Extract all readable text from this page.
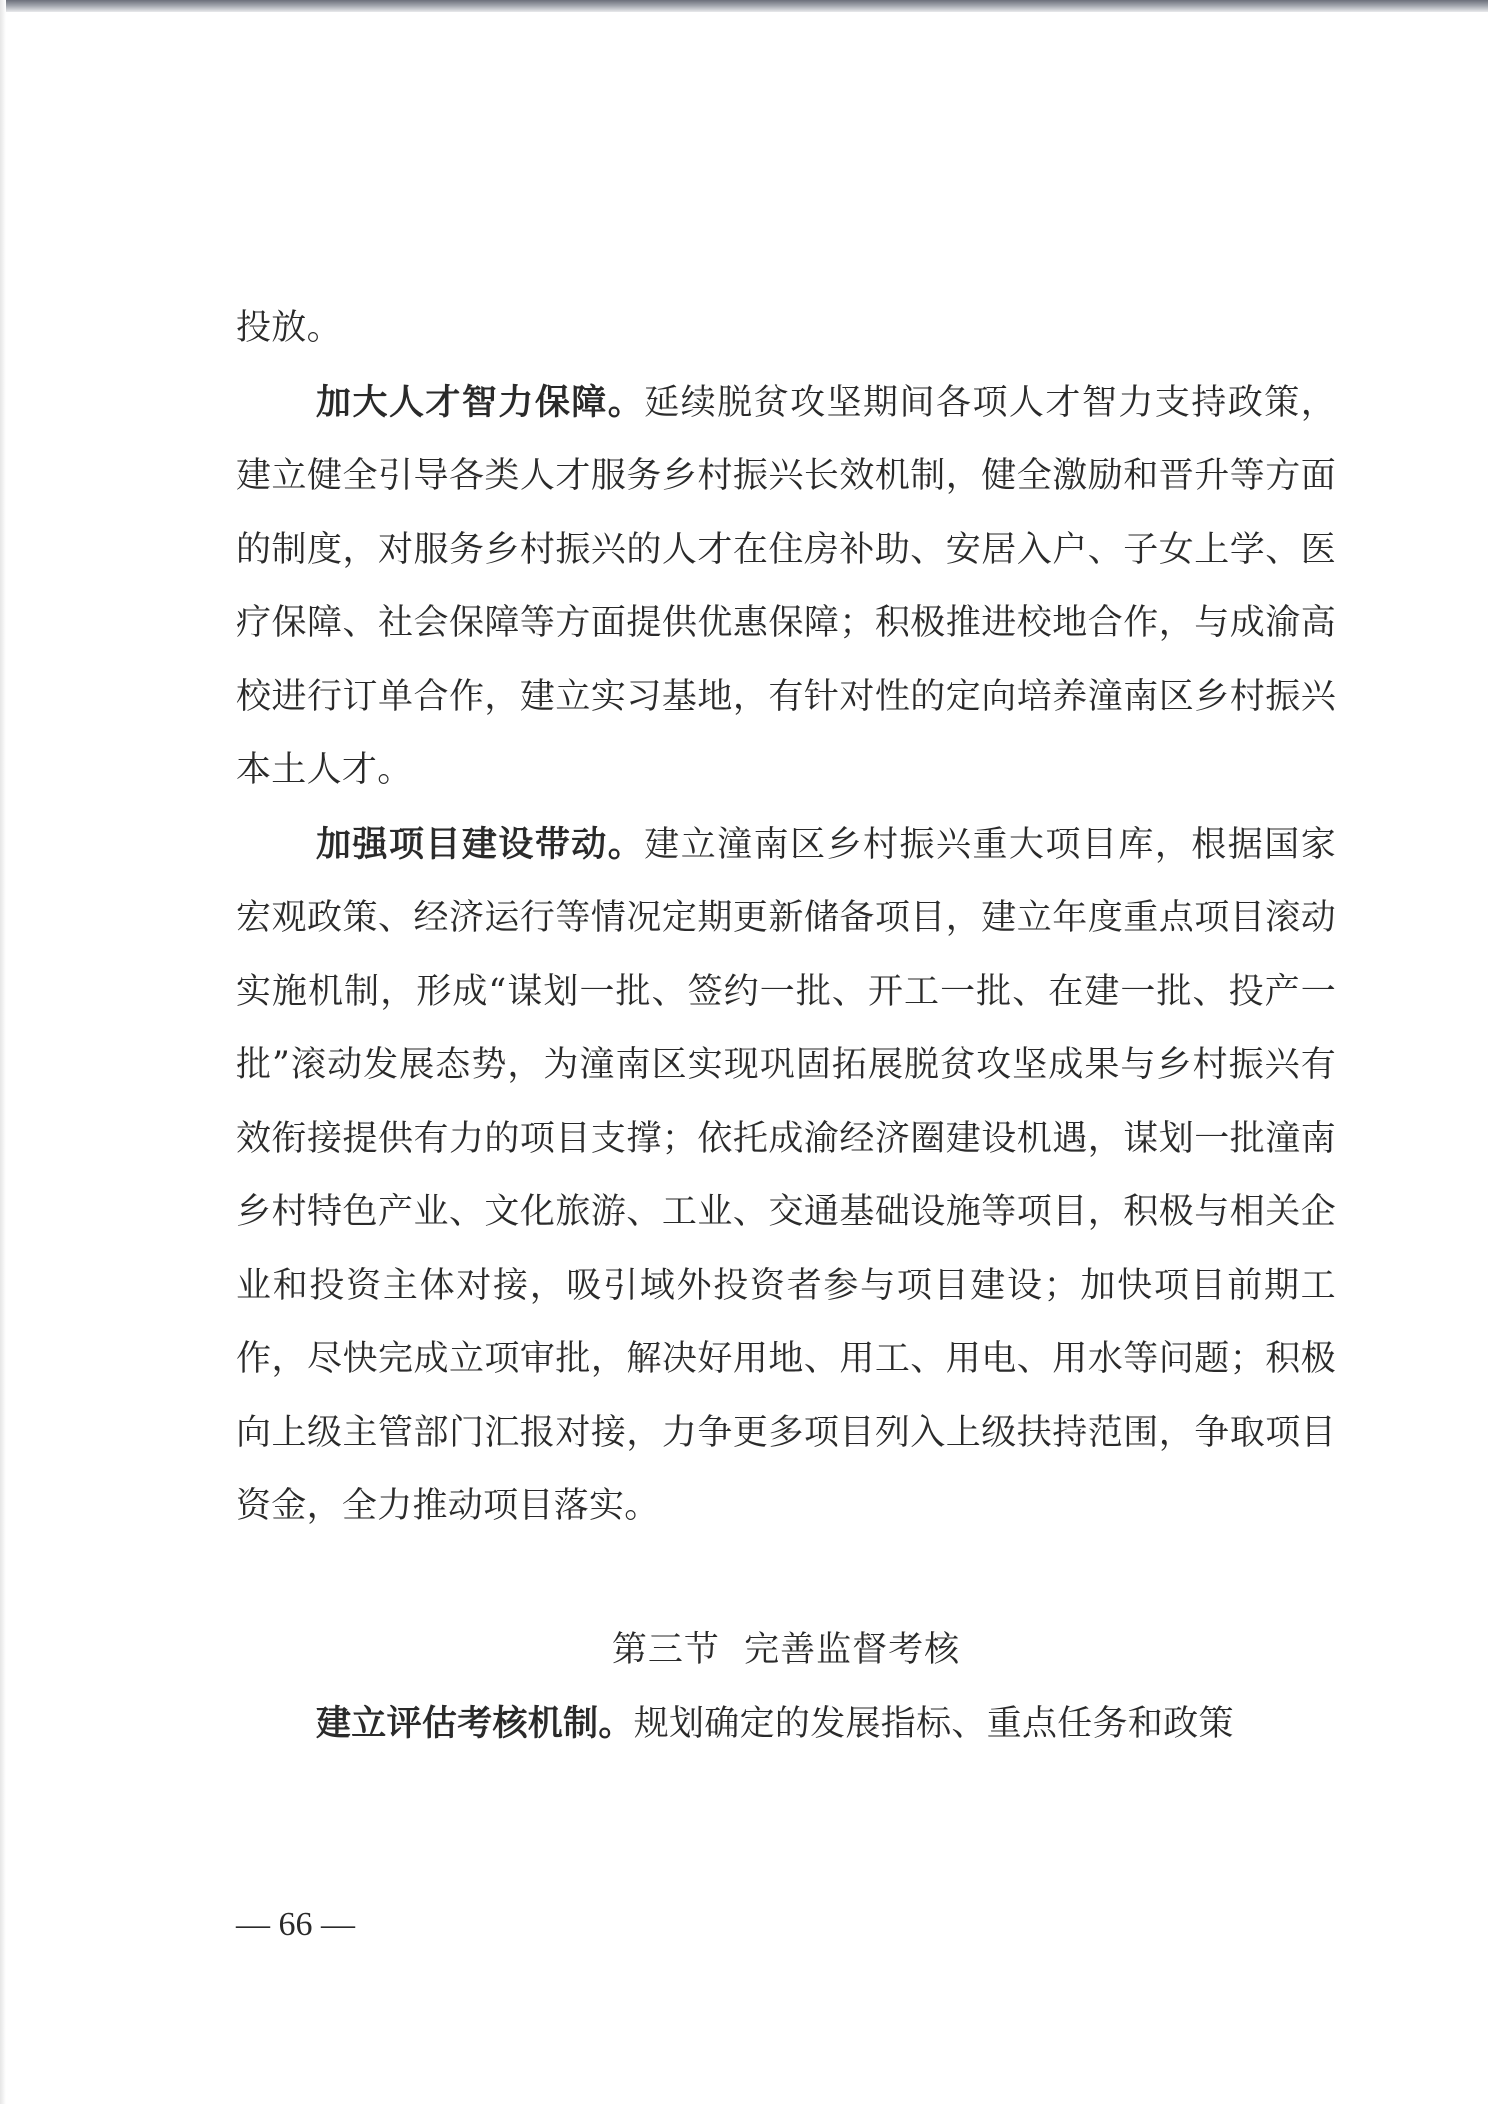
投放。

加大人才智力保障。延续脱贫攻坚期间各项人才智力支持政策，建立健全引导各类人才服务乡村振兴长效机制，健全激励和晋升等方面的制度，对服务乡村振兴的人才在住房补助、安居入户、子女上学、医疗保障、社会保障等方面提供优惠保障；积极推进校地合作，与成渝高校进行订单合作，建立实习基地，有针对性的定向培养潼南区乡村振兴本土人才。

加强项目建设带动。建立潼南区乡村振兴重大项目库，根据国家宏观政策、经济运行等情况定期更新储备项目，建立年度重点项目滚动实施机制，形成“谋划一批、签约一批、开工一批、在建一批、投产一批”滚动发展态势，为潼南区实现巩固拓展脱贫攻坚成果与乡村振兴有效衔接提供有力的项目支撑；依托成渝经济圈建设机遇，谋划一批潼南乡村特色产业、文化旅游、工业、交通基础设施等项目，积极与相关企业和投资主体对接，吸引域外投资者参与项目建设；加快项目前期工作，尽快完成立项审批，解决好用地、用工、用电、用水等问题；积极向上级主管部门汇报对接，力争更多项目列入上级扶持范围，争取项目资金，全力推动项目落实。

第三节  完善监督考核

建立评估考核机制。规划确定的发展指标、重点任务和政策

— 66 —
